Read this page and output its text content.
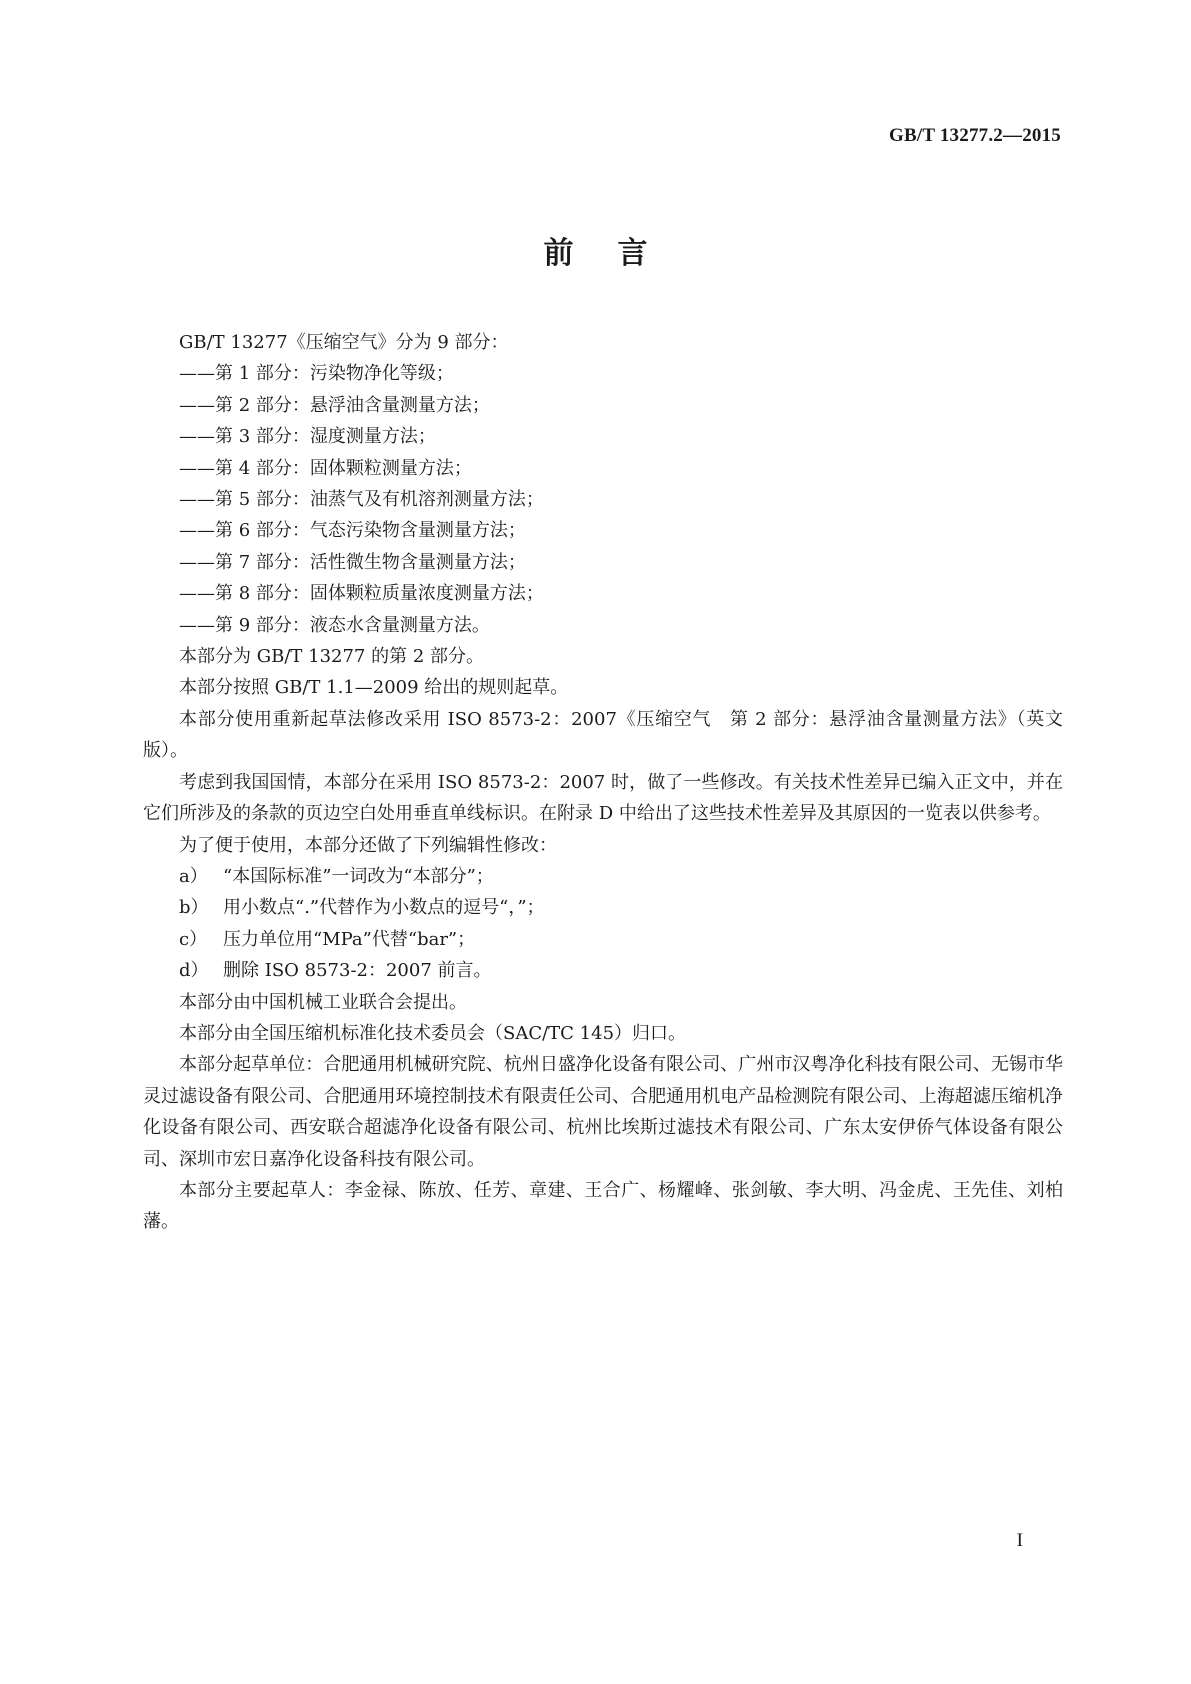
GB/T 13277.2—2015
前言

GB/T 13277《压缩空气》分为 9 部分：

——第 1 部分：污染物净化等级；
——第 2 部分：悬浮油含量测量方法；
——第 3 部分：湿度测量方法；
——第 4 部分：固体颗粒测量方法；
——第 5 部分：油蒸气及有机溶剂测量方法；
——第 6 部分：气态污染物含量测量方法；
——第 7 部分：活性微生物含量测量方法；
——第 8 部分：固体颗粒质量浓度测量方法；
——第 9 部分：液态水含量测量方法。

本部分为 GB/T 13277 的第 2 部分。

本部分按照 GB/T 1.1—2009 给出的规则起草。

本部分使用重新起草法修改采用 ISO 8573-2：2007《压缩空气　第 2 部分：悬浮油含量测量方法》（英文版）。

考虑到我国国情，本部分在采用 ISO 8573-2：2007 时，做了一些修改。有关技术性差异已编入正文中，并在它们所涉及的条款的页边空白处用垂直单线标识。在附录 D 中给出了这些技术性差异及其原因的一览表以供参考。

为了便于使用，本部分还做了下列编辑性修改：

a） “本国际标准”一词改为“本部分”；
b） 用小数点“.”代替作为小数点的逗号“，”；
c） 压力单位用“MPa”代替“bar”；
d） 删除 ISO 8573-2：2007 前言。

本部分由中国机械工业联合会提出。

本部分由全国压缩机标准化技术委员会（SAC/TC 145）归口。

本部分起草单位：合肥通用机械研究院、杭州日盛净化设备有限公司、广州市汉粤净化科技有限公司、无锡市华灵过滤设备有限公司、合肥通用环境控制技术有限责任公司、合肥通用机电产品检测院有限公司、上海超滤压缩机净化设备有限公司、西安联合超滤净化设备有限公司、杭州比埃斯过滤技术有限公司、广东太安伊侨气体设备有限公司、深圳市宏日嘉净化设备科技有限公司。

本部分主要起草人：李金禄、陈放、任芳、章建、王合广、杨耀峰、张剑敏、李大明、冯金虎、王先佳、刘柏藩。

I
